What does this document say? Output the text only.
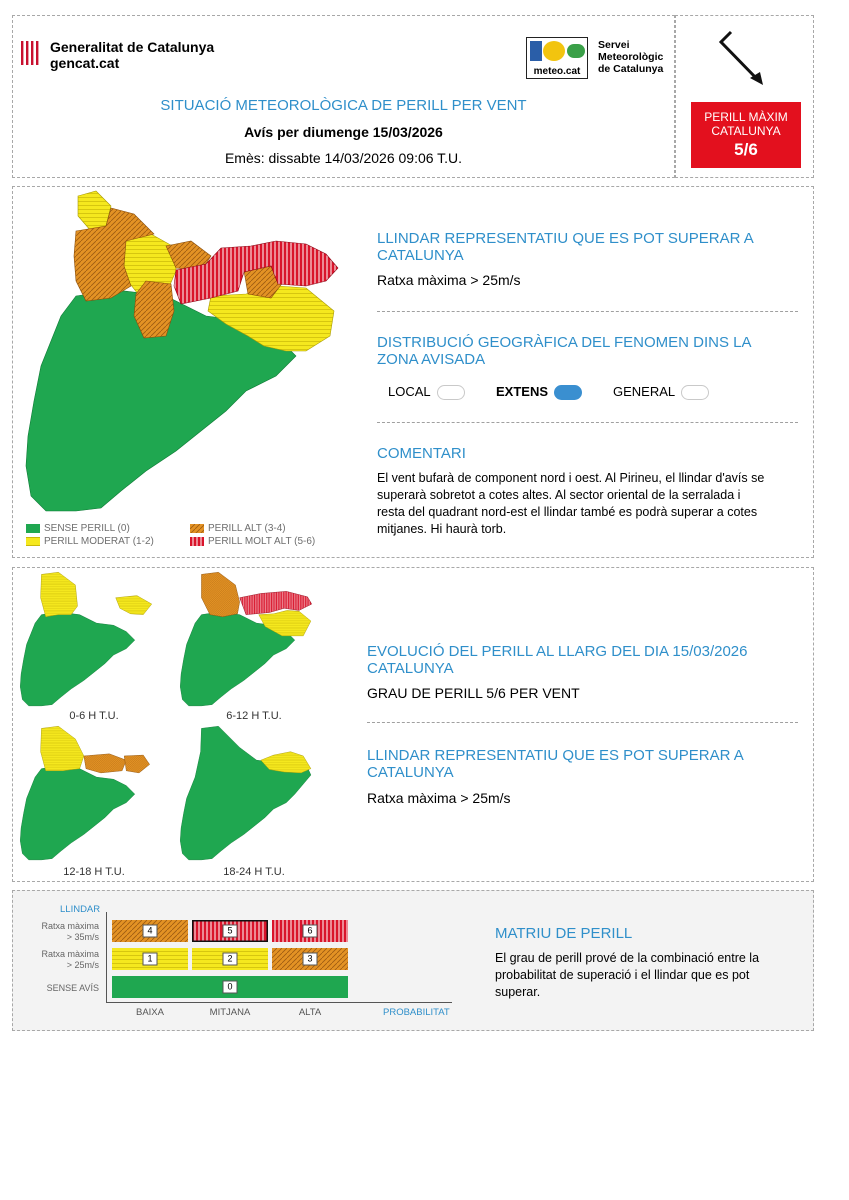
Generalitat de Catalunya
gencat.cat
meteo.cat
Servei
Meteorològic
de Catalunya
SITUACIÓ METEOROLÒGICA DE PERILL PER VENT
Avís per diumenge 15/03/2026
Emès: dissabte 14/03/2026 09:06 T.U.
PERILL MÀXIM
CATALUNYA
5/6
SENSE PERILL (0)
PERILL MODERAT (1-2)
PERILL ALT (3-4)
PERILL MOLT ALT (5-6)
LLINDAR REPRESENTATIU QUE ES POT SUPERAR A CATALUNYA
Ratxa màxima > 25m/s
DISTRIBUCIÓ GEOGRÀFICA DEL FENOMEN DINS LA ZONA AVISADA
LOCAL	EXTENS	GENERAL
COMENTARI
El vent bufarà de component nord i oest. Al Pirineu, el llindar d'avís se superarà sobretot a cotes altes. Al sector oriental de la serralada i resta del quadrant nord-est el llindar també es podrà superar a cotes mitjanes. Hi haurà torb.
0-6 H T.U.	6-12 H T.U.
12-18 H T.U.	18-24 H T.U.
EVOLUCIÓ DEL PERILL AL LLARG DEL DIA 15/03/2026 CATALUNYA
GRAU DE PERILL 5/6 PER VENT
LLINDAR REPRESENTATIU QUE ES POT SUPERAR A CATALUNYA
Ratxa màxima > 25m/s
LLINDAR
Ratxa màxima
> 35m/s
Ratxa màxima
> 25m/s
SENSE AVÍS
4	5	6
1	2	3
0
BAIXA	MITJANA	ALTA	PROBABILITAT
MATRIU DE PERILL
El grau de perill prové de la combinació entre la probabilitat de superació i el llindar que es pot superar.
